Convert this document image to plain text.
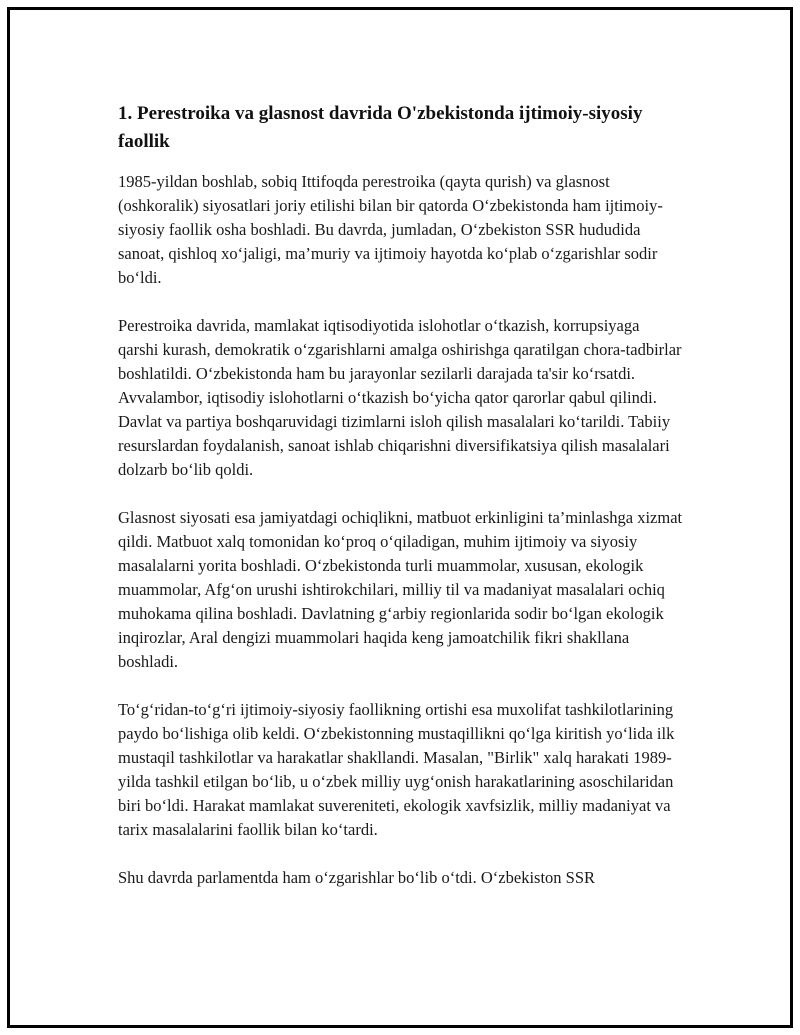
1. Perestroika va glasnost davrida O'zbekistonda ijtimoiy-siyosiy faollik

1985-yildan boshlab, sobiq Ittifoqda perestroika (qayta qurish) va glasnost (oshkoralik) siyosatlari joriy etilishi bilan bir qatorda O‘zbekistonda ham ijtimoiy-siyosiy faollik osha boshladi. Bu davrda, jumladan, O‘zbekiston SSR hududida sanoat, qishloq xo‘jaligi, ma’muriy va ijtimoiy hayotda ko‘plab o‘zgarishlar sodir bo‘ldi.

Perestroika davrida, mamlakat iqtisodiyotida islohotlar o‘tkazish, korrupsiyaga qarshi kurash, demokratik o‘zgarishlarni amalga oshirishga qaratilgan chora-tadbirlar boshlatildi. O‘zbekistonda ham bu jarayonlar sezilarli darajada ta'sir ko‘rsatdi. Avvalambor, iqtisodiy islohotlarni o‘tkazish bo‘yicha qator qarorlar qabul qilindi. Davlat va partiya boshqaruvidagi tizimlarni isloh qilish masalalari ko‘tarildi. Tabiiy resurslardan foydalanish, sanoat ishlab chiqarishni diversifikatsiya qilish masalalari dolzarb bo‘lib qoldi.

Glasnost siyosati esa jamiyatdagi ochiqlikni, matbuot erkinligini ta’minlashga xizmat qildi. Matbuot xalq tomonidan ko‘proq o‘qiladigan, muhim ijtimoiy va siyosiy masalalarni yorita boshladi. O‘zbekistonda turli muammolar, xususan, ekologik muammolar, Afg‘on urushi ishtirokchilari, milliy til va madaniyat masalalari ochiq muhokama qilina boshladi. Davlatning g‘arbiy regionlarida sodir bo‘lgan ekologik inqirozlar, Aral dengizi muammolari haqida keng jamoatchilik fikri shakllana boshladi.

To‘g‘ridan-to‘g‘ri ijtimoiy-siyosiy faollikning ortishi esa muxolifat tashkilotlarining paydo bo‘lishiga olib keldi. O‘zbekistonning mustaqillikni qo‘lga kiritish yo‘lida ilk mustaqil tashkilotlar va harakatlar shakllandi. Masalan, "Birlik" xalq harakati 1989-yilda tashkil etilgan bo‘lib, u o‘zbek milliy uyg‘onish harakatlarining asoschilaridan biri bo‘ldi. Harakat mamlakat suvereniteti, ekologik xavfsizlik, milliy madaniyat va tarix masalalarini faollik bilan ko‘tardi.

Shu davrda parlamentda ham o‘zgarishlar bo‘lib o‘tdi. O‘zbekiston SSR
